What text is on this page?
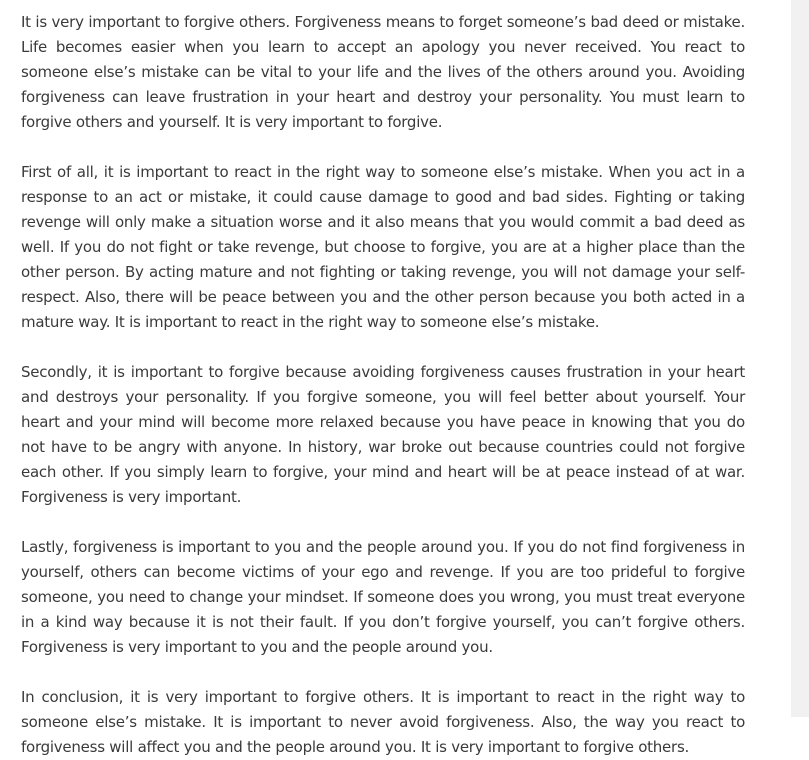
It is very important to forgive others. Forgiveness means to forget someone’s bad deed or mistake. Life becomes easier when you learn to accept an apology you never received. You react to someone else’s mistake can be vital to your life and the lives of the others around you. Avoiding forgiveness can leave frustration in your heart and destroy your personality. You must learn to forgive others and yourself. It is very important to forgive.

First of all, it is important to react in the right way to someone else’s mistake. When you act in a response to an act or mistake, it could cause damage to good and bad sides. Fighting or taking revenge will only make a situation worse and it also means that you would commit a bad deed as well. If you do not fight or take revenge, but choose to forgive, you are at a higher place than the other person. By acting mature and not fighting or taking revenge, you will not damage your self-respect. Also, there will be peace between you and the other person because you both acted in a mature way. It is important to react in the right way to someone else’s mistake.

Secondly, it is important to forgive because avoiding forgiveness causes frustration in your heart and destroys your personality. If you forgive someone, you will feel better about yourself. Your heart and your mind will become more relaxed because you have peace in knowing that you do not have to be angry with anyone. In history, war broke out because countries could not forgive each other. If you simply learn to forgive, your mind and heart will be at peace instead of at war. Forgiveness is very important.

Lastly, forgiveness is important to you and the people around you. If you do not find forgiveness in yourself, others can become victims of your ego and revenge. If you are too prideful to forgive someone, you need to change your mindset. If someone does you wrong, you must treat everyone in a kind way because it is not their fault. If you don’t forgive yourself, you can’t forgive others. Forgiveness is very important to you and the people around you.

In conclusion, it is very important to forgive others. It is important to react in the right way to someone else’s mistake. It is important to never avoid forgiveness. Also, the way you react to forgiveness will affect you and the people around you. It is very important to forgive others.
